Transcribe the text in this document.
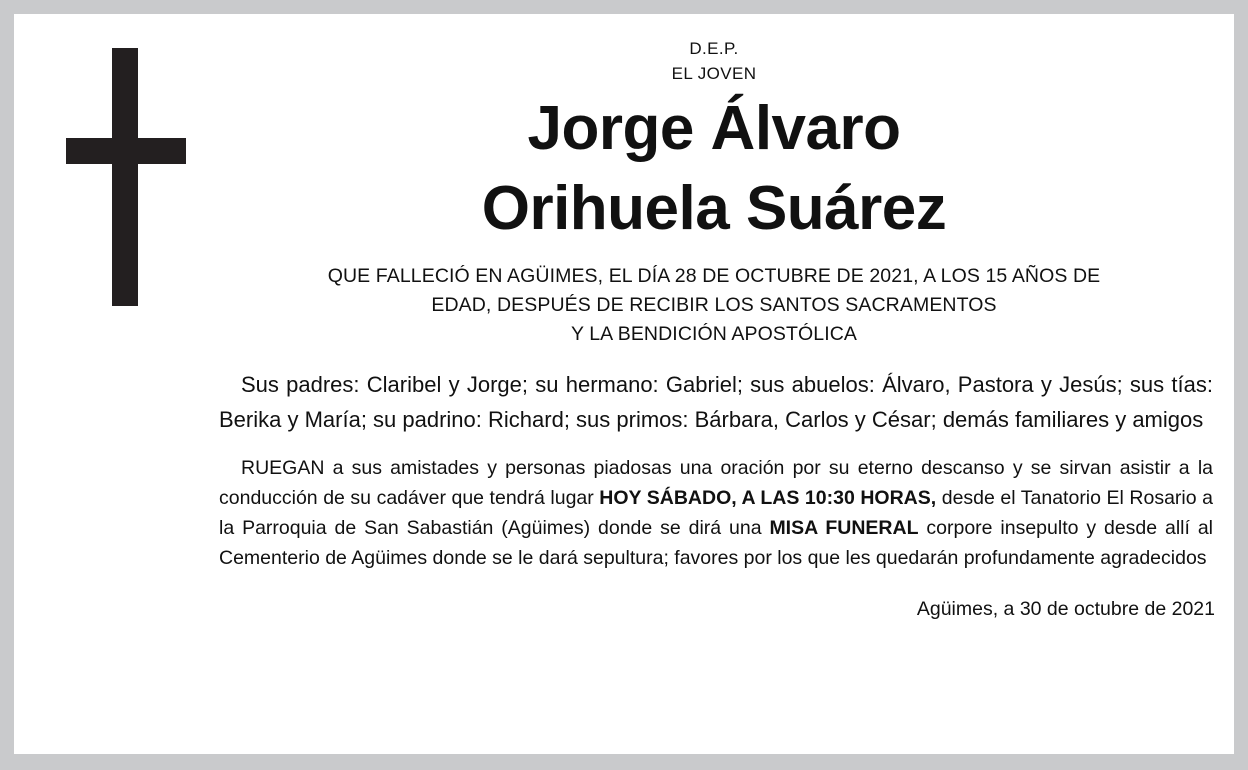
D.E.P.
EL JOVEN
Jorge Álvaro
Orihuela Suárez
QUE FALLECIÓ EN AGÜIMES, EL DÍA 28 DE OCTUBRE DE 2021, A LOS 15 AÑOS DE
EDAD, DESPUÉS DE RECIBIR LOS SANTOS SACRAMENTOS
Y LA BENDICIÓN APOSTÓLICA
Sus padres: Claribel y Jorge; su hermano: Gabriel; sus abuelos: Álvaro, Pastora y Jesús; sus tías: Berika y María; su padrino: Richard; sus primos: Bárbara, Carlos y César; demás familiares y amigos
RUEGAN a sus amistades y personas piadosas una oración por su eterno descanso y se sirvan asistir a la conducción de su cadáver que tendrá lugar HOY SÁBADO, A LAS 10:30 HORAS, desde el Tanatorio El Rosario a la Parroquia de San Sabastián (Agüimes) donde se dirá una MISA FUNERAL corpore insepulto y desde allí al Cementerio de Agüimes donde se le dará sepultura; favores por los que les quedarán profundamente agradecidos
Agüimes, a 30 de octubre de 2021
